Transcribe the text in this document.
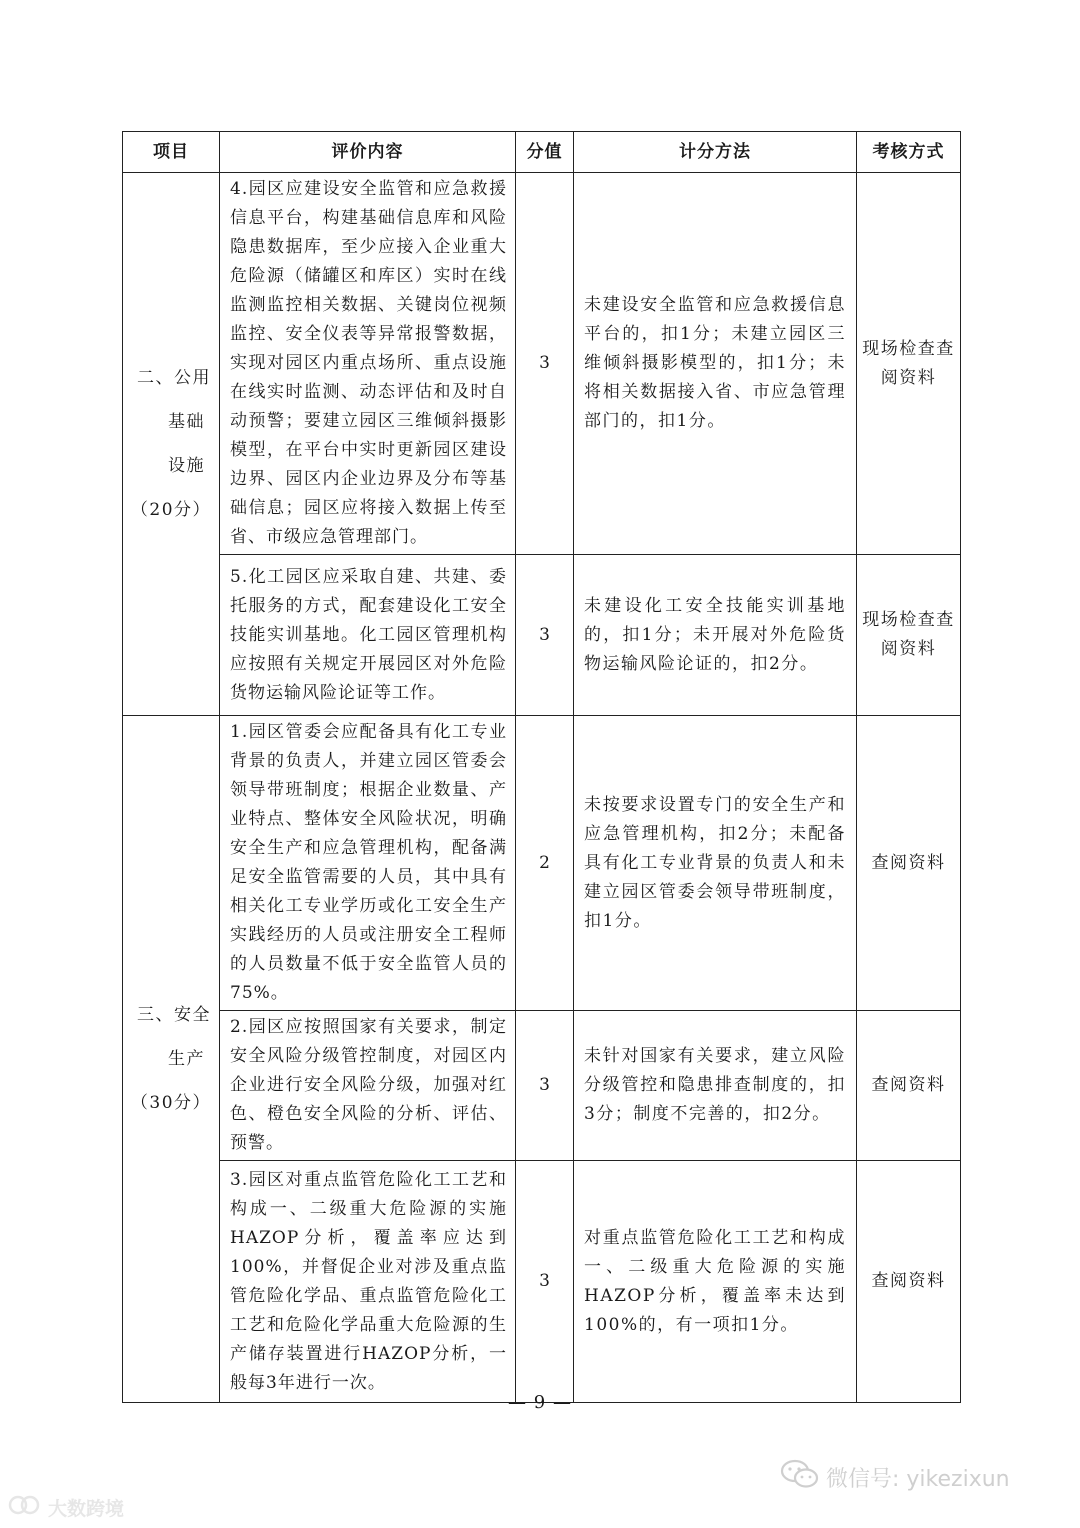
项目	评价内容	分值	计分方法	考核方式

二、公用
基础
设施
（20分）	4.园区应建设安全监管和应急救援信息平台，构建基础信息库和风险隐患数据库，至少应接入企业重大危险源（储罐区和库区）实时在线监测监控相关数据、关键岗位视频监控、安全仪表等异常报警数据，实现对园区内重点场所、重点设施在线实时监测、动态评估和及时自动预警；要建立园区三维倾斜摄影模型，在平台中实时更新园区建设边界、园区内企业边界及分布等基础信息；园区应将接入数据上传至省、市级应急管理部门。	3	未建设安全监管和应急救援信息平台的，扣1分；未建立园区三维倾斜摄影模型的，扣1分；未将相关数据接入省、市应急管理部门的，扣1分。	现场检查查阅资料
	5.化工园区应采取自建、共建、委托服务的方式，配套建设化工安全技能实训基地。化工园区管理机构应按照有关规定开展园区对外危险货物运输风险论证等工作。	3	未建设化工安全技能实训基地的，扣1分；未开展对外危险货物运输风险论证的，扣2分。	现场检查查阅资料

三、安全
生产
（30分）	1.园区管委会应配备具有化工专业背景的负责人，并建立园区管委会领导带班制度；根据企业数量、产业特点、整体安全风险状况，明确安全生产和应急管理机构，配备满足安全监管需要的人员，其中具有相关化工专业学历或化工安全生产实践经历的人员或注册安全工程师的人员数量不低于安全监管人员的75%。	2	未按要求设置专门的安全生产和应急管理机构，扣2分；未配备具有化工专业背景的负责人和未建立园区管委会领导带班制度，扣1分。	查阅资料
	2.园区应按照国家有关要求，制定安全风险分级管控制度，对园区内企业进行安全风险分级，加强对红色、橙色安全风险的分析、评估、预警。	3	未针对国家有关要求，建立风险分级管控和隐患排查制度的，扣3分；制度不完善的，扣2分。	查阅资料
	3.园区对重点监管危险化工工艺和构成一、二级重大危险源的实施HAZOP分析，覆盖率应达到100%，并督促企业对涉及重点监管危险化学品、重点监管危险化工工艺和危险化学品重大危险源的生产储存装置进行HAZOP分析，一般每3年进行一次。	3	对重点监管危险化工工艺和构成一、二级重大危险源的实施HAZOP分析，覆盖率未达到100%的，有一项扣1分。	查阅资料
— 9 —
大数跨境
微信号: yikezixun
